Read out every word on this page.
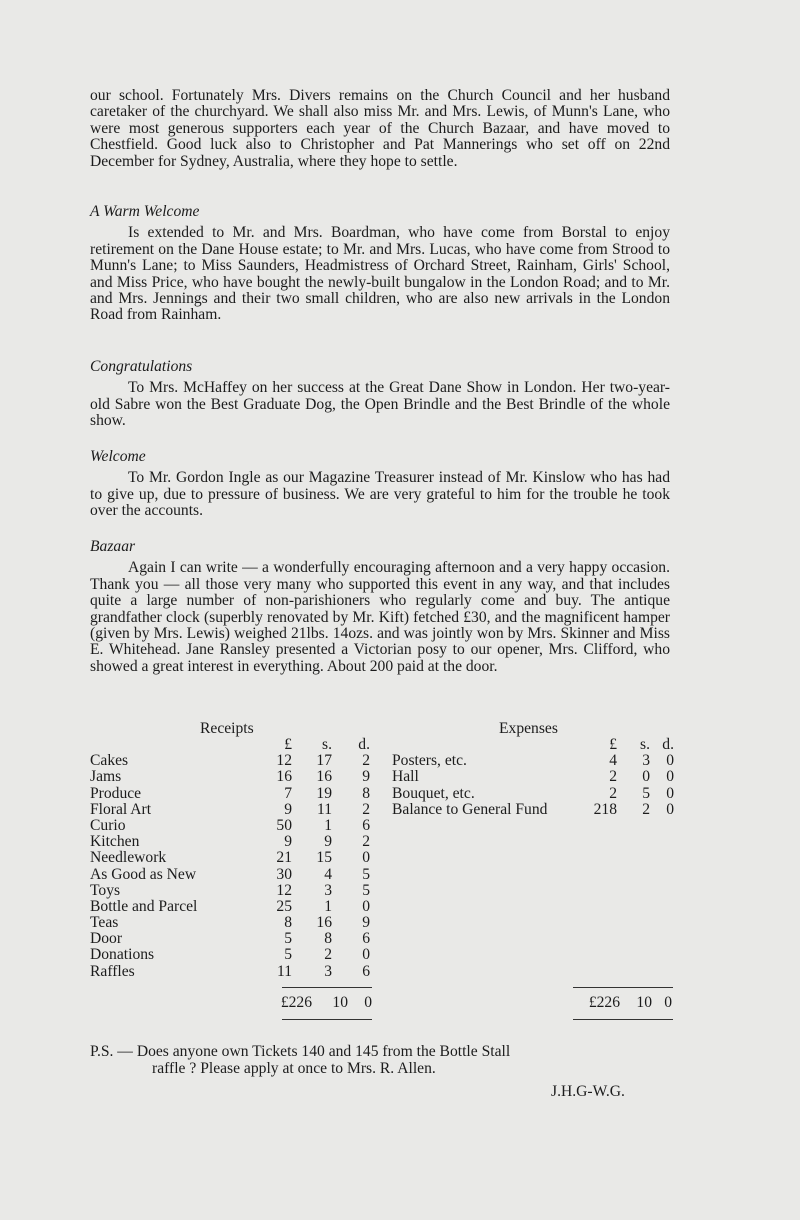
our school. Fortunately Mrs. Divers remains on the Church Council and her husband caretaker of the churchyard. We shall also miss Mr. and Mrs. Lewis, of Munn's Lane, who were most generous supporters each year of the Church Bazaar, and have moved to Chestfield. Good luck also to Christopher and Pat Mannerings who set off on 22nd December for Sydney, Australia, where they hope to settle.

A Warm Welcome

Is extended to Mr. and Mrs. Boardman, who have come from Borstal to enjoy retirement on the Dane House estate; to Mr. and Mrs. Lucas, who have come from Strood to Munn's Lane; to Miss Saunders, Headmistress of Orchard Street, Rainham, Girls' School, and Miss Price, who have bought the newly-built bungalow in the London Road; and to Mr. and Mrs. Jennings and their two small children, who are also new arrivals in the London Road from Rainham.

Congratulations

To Mrs. McHaffey on her success at the Great Dane Show in London. Her two-year-old Sabre won the Best Graduate Dog, the Open Brindle and the Best Brindle of the whole show.

Welcome

To Mr. Gordon Ingle as our Magazine Treasurer instead of Mr. Kinslow who has had to give up, due to pressure of business. We are very grateful to him for the trouble he took over the accounts.

Bazaar

Again I can write — a wonderfully encouraging afternoon and a very happy occasion. Thank you — all those very many who supported this event in any way, and that includes quite a large number of non-parishioners who regularly come and buy. The antique grandfather clock (superbly renovated by Mr. Kift) fetched £30, and the magnificent hamper (given by Mrs. Lewis) weighed 21lbs. 14ozs. and was jointly won by Mrs. Skinner and Miss E. Whitehead. Jane Ransley presented a Victorian posy to our opener, Mrs. Clifford, who showed a great interest in everything. About 200 paid at the door.

Receipts
£ s. d.
Cakes	12 17 2
Jams	16 16 9
Produce	7 19 8
Floral Art	9 11 2
Curio	50 1 6
Kitchen	9 9 2
Needlework	21 15 0
As Good as New	30 4 5
Toys	12 3 5
Bottle and Parcel	25 1 0
Teas	8 16 9
Door	5 8 6
Donations	5 2 0
Raffles	11 3 6
£226 10 0
Expenses
£ s. d.
Posters, etc.	4 3 0
Hall	2 0 0
Bouquet, etc.	2 5 0
Balance to General Fund	218 2 0
£226 10 0
P.S. — Does anyone own Tickets 140 and 145 from the Bottle Stall
raffle ? Please apply at once to Mrs. R. Allen.
J.H.G-W.G.
